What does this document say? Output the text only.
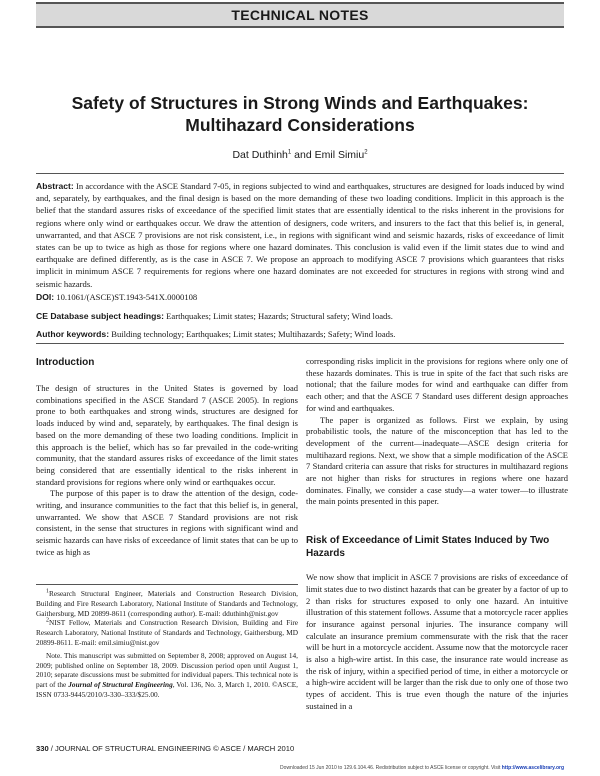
TECHNICAL NOTES
Safety of Structures in Strong Winds and Earthquakes:
Multihazard Considerations
Dat Duthinh$^1$ and Emil Simiu$^2$
Abstract: In accordance with the ASCE Standard 7-05, in regions subjected to wind and earthquakes, structures are designed for loads induced by wind and, separately, by earthquakes, and the final design is based on the more demanding of these two loading conditions. Implicit in this approach is the belief that the standard assures risks of exceedance of the specified limit states that are essentially identical to the risks inherent in the provisions for regions where only wind or earthquakes occur. We draw the attention of designers, code writers, and insurers to the fact that this belief is, in general, unwarranted, and that ASCE 7 provisions are not risk consistent, i.e., in regions with significant wind and seismic hazards, risks of exceedance of limit states can be up to twice as high as those for regions where one hazard dominates. This conclusion is valid even if the limit states due to wind and earthquake are defined differently, as is the case in ASCE 7. We propose an approach to modifying ASCE 7 provisions which guarantees that risks implicit in minimum ASCE 7 requirements for regions where one hazard dominates are not exceeded for structures in regions with strong wind and seismic hazards.
DOI: 10.1061/(ASCE)ST.1943-541X.0000108
CE Database subject headings: Earthquakes; Limit states; Hazards; Structural safety; Wind loads.
Author keywords: Building technology; Earthquakes; Limit states; Multihazards; Safety; Wind loads.
Introduction

The design of structures in the United States is governed by load combinations specified in the ASCE Standard 7 (ASCE 2005). In regions prone to both earthquakes and strong winds, structures are designed for loads induced by wind and, separately, by earthquakes. The final design is based on the more demanding of these two loading conditions. Implicit in this approach is the belief, which has so far prevailed in the code-writing community, that the standard assures risks of exceedance of the limit states being considered that are essentially identical to the risks inherent in standard provisions for regions where only wind or earthquakes occur.

The purpose of this paper is to draw the attention of the design, code-writing, and insurance communities to the fact that this belief is, in general, unwarranted. We show that ASCE 7 Standard provisions are not risk consistent, in the sense that structures in regions with significant wind and seismic hazards can have risks of exceedance of limit states that can be up to twice as high as

corresponding risks implicit in the provisions for regions where only one of these hazards dominates. This is true in spite of the fact that such risks are notional; that the failure modes for wind and earthquake can differ from each other; and that the ASCE 7 Standard uses different design approaches for wind and earthquakes.

The paper is organized as follows. First we explain, by using probabilistic tools, the nature of the misconception that has led to the development of the current—inadequate—ASCE design criteria for multihazard regions. Next, we show that a simple modification of the ASCE 7 Standard criteria can assure that risks for structures in multihazard regions are not higher than risks for structures in regions where one hazard dominates. Finally, we consider a case study—a water tower—to illustrate the main points presented in this paper.

Risk of Exceedance of Limit States Induced by Two Hazards

We now show that implicit in ASCE 7 provisions are risks of exceedance of limit states due to two distinct hazards that can be greater by a factor of up to 2 than risks for structures exposed to only one hazard. An intuitive illustration of this statement follows. Assume that a motorcycle racer applies for insurance against personal injuries. The insurance company will calculate an insurance premium commensurate with the risk that the racer will be hurt in a motorcycle accident. Assume now that the motorcycle racer is also a high-wire artist. In this case, the insurance rate would increase as the risk of injury, within a specified period of time, in either a motorcycle or a high-wire accident will be larger than the risk due to only one of those two types of accident. This is true even though the nature of the injuries sustained in a

$^1$Research Structural Engineer, Materials and Construction Research Division, Building and Fire Research Laboratory, National Institute of Standards and Technology, Gaithersburg, MD 20899-8611 (corresponding author). E-mail: dduthinh@nist.gov

$^2$NIST Fellow, Materials and Construction Research Division, Building and Fire Research Laboratory, National Institute of Standards and Technology, Gaithersburg, MD 20899-8611. E-mail: emil.simiu@nist.gov

Note. This manuscript was submitted on September 8, 2008; approved on August 14, 2009; published online on September 18, 2009. Discussion period open until August 1, 2010; separate discussions must be submitted for individual papers. This technical note is part of the Journal of Structural Engineering, Vol. 136, No. 3, March 1, 2010. ©ASCE, ISSN 0733-9445/2010/3-330–333/$25.00.

330 / JOURNAL OF STRUCTURAL ENGINEERING © ASCE / MARCH 2010
Downloaded 15 Jun 2010 to 129.6.104.46. Redistribution subject to ASCE license or copyright. Visit http://www.ascelibrary.org
